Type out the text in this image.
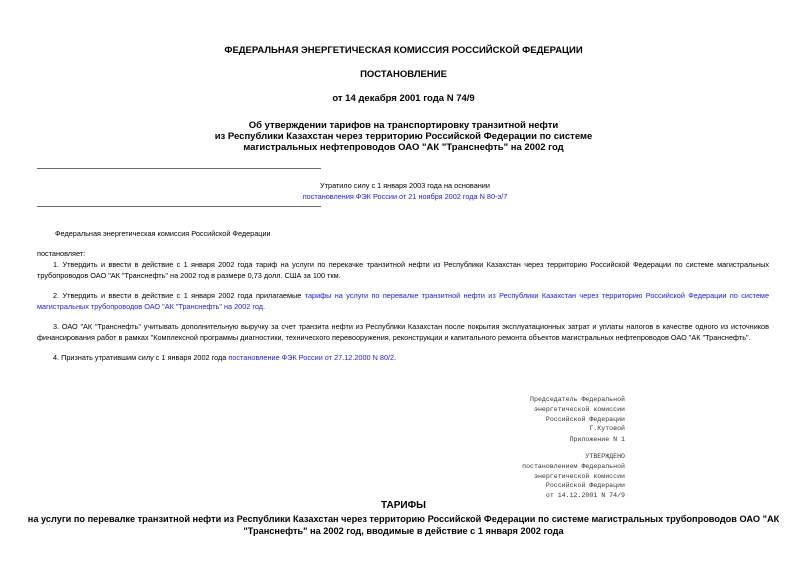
ФЕДЕРАЛЬНАЯ ЭНЕРГЕТИЧЕСКАЯ КОМИССИЯ РОССИЙСКОЙ ФЕДЕРАЦИИ
ПОСТАНОВЛЕНИЕ
от 14 декабря 2001 года N 74/9
Об утверждении тарифов на транспортировку транзитной нефти
из Республики Казахстан через территорию Российской Федерации по системе
магистральных нефтепроводов ОАО "АК "Транснефть" на 2002 год
Утратило силу с 1 января 2003 года на основании
постановления ФЭК России от 21 ноября 2002 года N 80-э/7
Федеральная энергетическая комиссия Российской Федерации
постановляет:
1. Утвердить и ввести в действие с 1 января 2002 года тариф на услуги по перекачке транзитной нефти из Республики Казахстан через территорию Российской Федерации по системе магистральных трубопроводов ОАО "АК "Транснефть" на 2002 год в размере 0,73 долл. США за 100 ткм.
2. Утвердить и ввести в действие с 1 января 2002 года прилагаемые тарифы на услуги по перевалке транзитной нефти из Республики Казахстан через территорию Российской Федерации по системе магистральных трубопроводов ОАО "АК "Транснефть" на 2002 год.
3. ОАО "АК "Транснефть" учитывать дополнительную выручку за счет транзита нефти из Республики Казахстан после покрытия эксплуатационных затрат и уплаты налогов в качестве одного из источников финансирования работ в рамках "Комплексной программы диагностики, технического перевооружения, реконструкции и капитального ремонта объектов магистральных нефтепроводов ОАО "АК "Транснефть".
4. Признать утратившим силу с 1 января 2002 года постановление ФЭК России от 27.12.2000 N 80/2.
Председатель Федеральной
энергетической комиссии
Российской Федерации
Г.Кутовой
Приложение N 1
УТВЕРЖДЕНО
постановлением Федеральной
энергетической комиссии
Российской Федерации
от 14.12.2001 N 74/9
ТАРИФЫ
на услуги по перевалке транзитной нефти из Республики Казахстан через территорию Российской Федерации по системе магистральных трубопроводов ОАО "АК
"Транснефть" на 2002 год, вводимые в действие с 1 января 2002 года
